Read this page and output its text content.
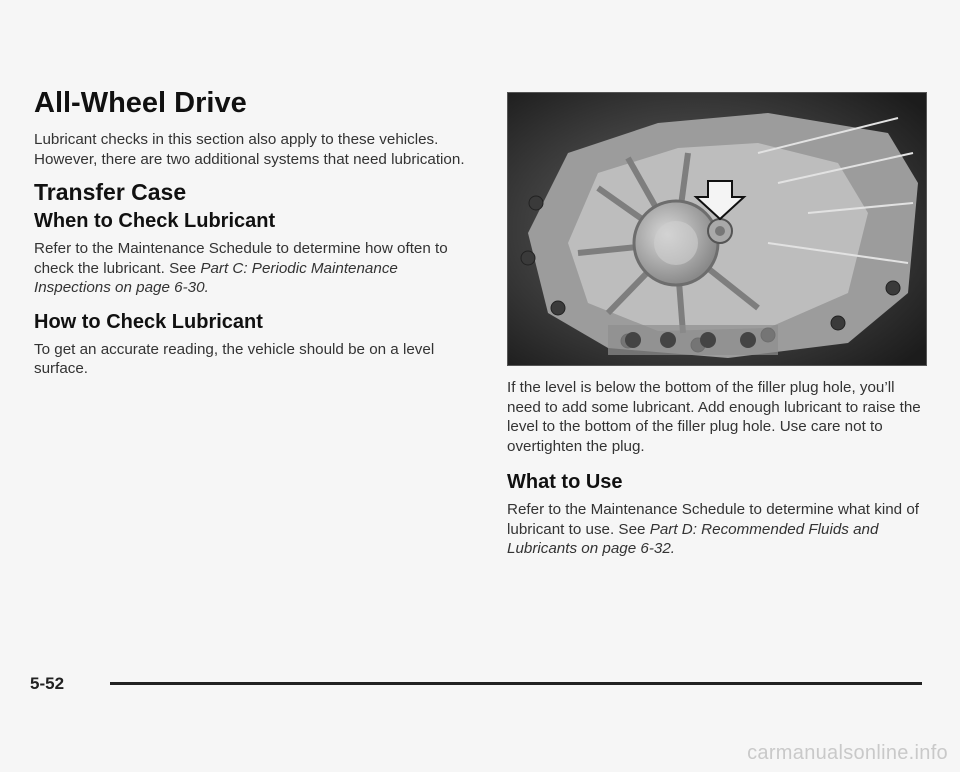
All-Wheel Drive

Lubricant checks in this section also apply to these vehicles. However, there are two additional systems that need lubrication.

Transfer Case
When to Check Lubricant

Refer to the Maintenance Schedule to determine how often to check the lubricant. See Part C: Periodic Maintenance Inspections on page 6-30.

How to Check Lubricant

To get an accurate reading, the vehicle should be on a level surface.

If the level is below the bottom of the filler plug hole, you’ll need to add some lubricant. Add enough lubricant to raise the level to the bottom of the filler plug hole. Use care not to overtighten the plug.

What to Use

Refer to the Maintenance Schedule to determine what kind of lubricant to use. See Part D: Recommended Fluids and Lubricants on page 6-32.

5-52
carmanualsonline.info
